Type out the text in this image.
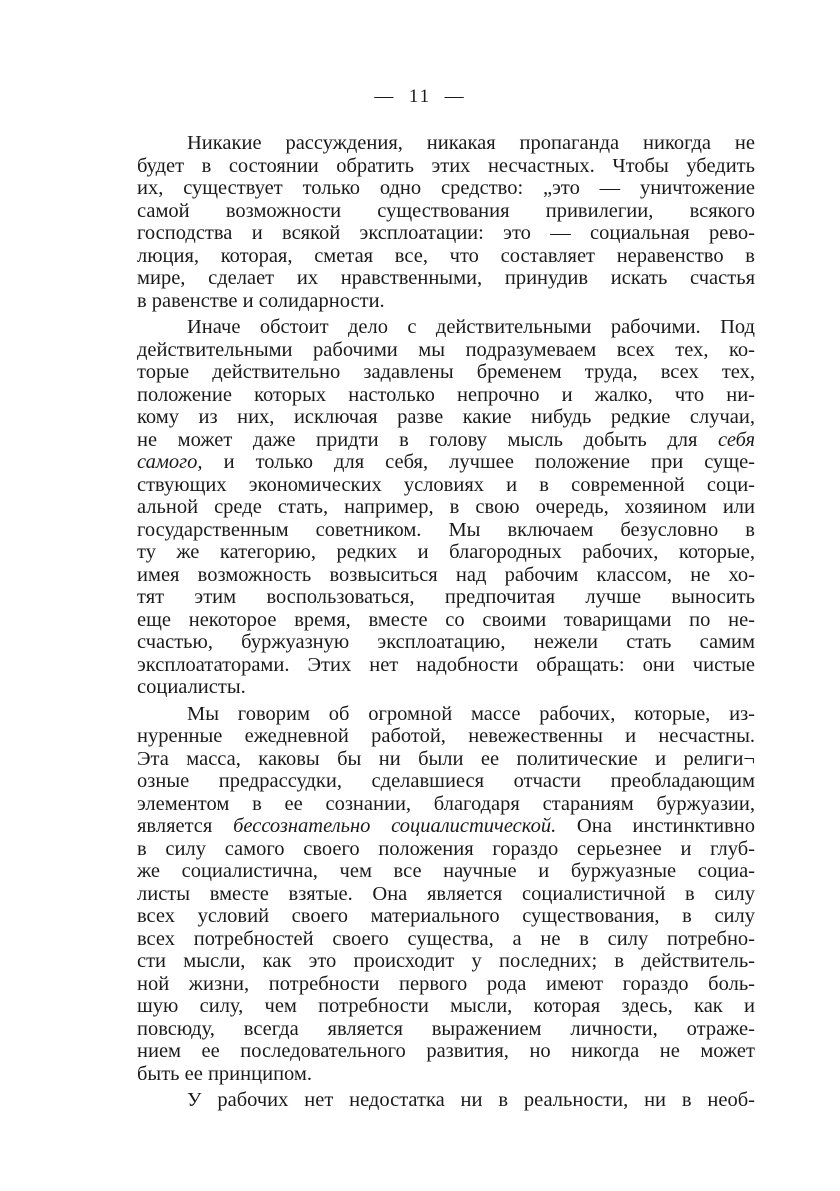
—  11  —
Никакие рассуждения, никакая пропаганда никогда не
будет в состоянии обратить этих несчастных. Чтобы убедить
их, существует только одно средство: „это — уничтожение
самой возможности существования привилегии, всякого
господства и всякой эксплоатации: это — социальная рево-
люция, которая, сметая все, что составляет неравенство в
мире, сделает их нравственными, принудив искать счастья
в равенстве и солидарности.
Иначе обстоит дело с действительными рабочими. Под
действительными рабочими мы подразумеваем всех тех, ко-
торые действительно задавлены бременем труда, всех тех,
положение которых настолько непрочно и жалко, что ни-
кому из них, исключая разве какие нибудь редкие случаи,
не может даже придти в голову мысль добыть для себя
самого, и только для себя, лучшее положение при суще-
ствующих экономических условиях и в современной соци-
альной среде стать, например, в свою очередь, хозяином или
государственным советником. Мы включаем безусловно в
ту же категорию, редких и благородных рабочих, которые,
имея возможность возвыситься над рабочим классом, не хо-
тят этим воспользоваться, предпочитая лучше выносить
еще некоторое время, вместе со своими товарищами по не-
счастью, буржуазную эксплоатацию, нежели стать самим
эксплоататорами. Этих нет надобности обращать: они чистые
социалисты.
Мы говорим об огромной массе рабочих, которые, из-
нуренные ежедневной работой, невежественны и несчастны.
Эта масса, каковы бы ни были ее политические и религи¬
озные предрассудки, сделавшиеся отчасти преобладающим
элементом в ее сознании, благодаря стараниям буржуазии,
является бессознательно социалистической. Она инстинктивно
в силу самого своего положения гораздо серьезнее и глуб-
же социалистична, чем все научные и буржуазные социа-
листы вместе взятые. Она является социалистичной в силу
всех условий своего материального существования, в силу
всех потребностей своего существа, а не в силу потребно-
сти мысли, как это происходит у последних; в действитель-
ной жизни, потребности первого рода имеют гораздо боль-
шую силу, чем потребности мысли, которая здесь, как и
повсюду, всегда является выражением личности, отраже-
нием ее последовательного развития, но никогда не может
быть ее принципом.
У рабочих нет недостатка ни в реальности, ни в необ-
